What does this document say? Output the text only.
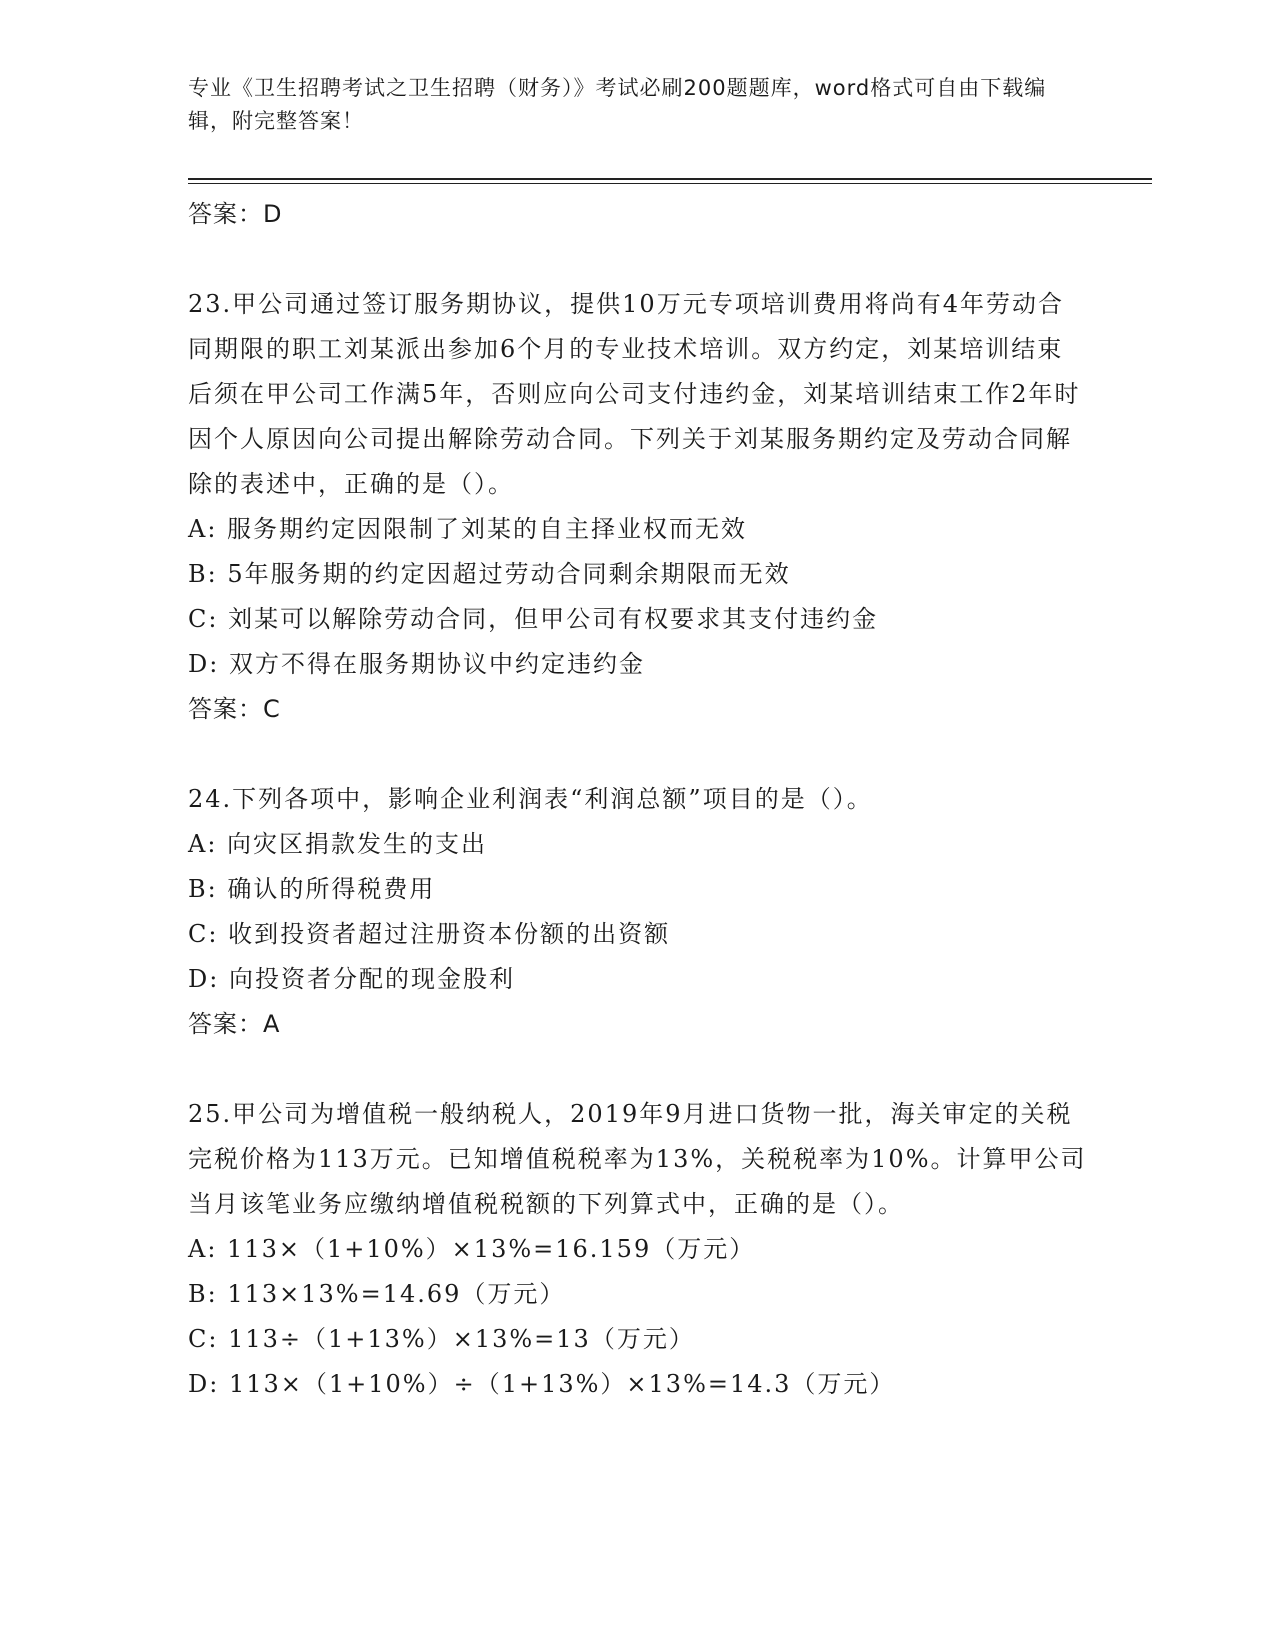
专业《卫生招聘考试之卫生招聘（财务）》考试必刷200题题库，word格式可自由下载编辑，附完整答案！
答案：D
23.甲公司通过签订服务期协议，提供10万元专项培训费用将尚有4年劳动合同期限的职工刘某派出参加6个月的专业技术培训。双方约定，刘某培训结束后须在甲公司工作满5年，否则应向公司支付违约金，刘某培训结束工作2年时因个人原因向公司提出解除劳动合同。下列关于刘某服务期约定及劳动合同解除的表述中，正确的是（）。
A: 服务期约定因限制了刘某的自主择业权而无效
B: 5年服务期的约定因超过劳动合同剩余期限而无效
C: 刘某可以解除劳动合同，但甲公司有权要求其支付违约金
D: 双方不得在服务期协议中约定违约金
答案：C
24.下列各项中，影响企业利润表“利润总额”项目的是（）。
A: 向灾区捐款发生的支出
B: 确认的所得税费用
C: 收到投资者超过注册资本份额的出资额
D: 向投资者分配的现金股利
答案：A
25.甲公司为增值税一般纳税人，2019年9月进口货物一批，海关审定的关税完税价格为113万元。已知增值税税率为13%，关税税率为10%。计算甲公司当月该笔业务应缴纳增值税税额的下列算式中，正确的是（）。
A: 113×（1+10%）×13%=16.159（万元）
B: 113×13%=14.69（万元）
C: 113÷（1+13%）×13%=13（万元）
D: 113×（1+10%）÷（1+13%）×13%=14.3（万元）
